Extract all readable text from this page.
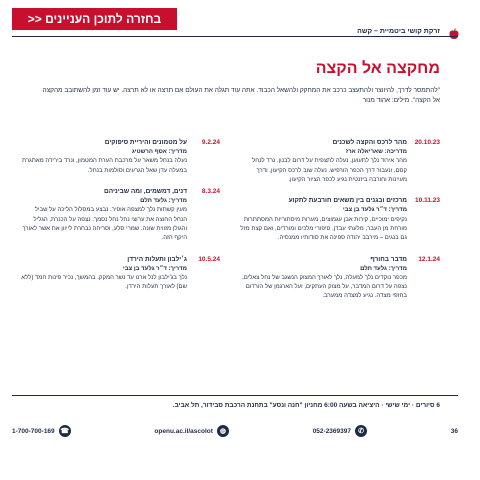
בחזרה לתוכן העניינים <<
זרקת קושי ביטמיית – קשה
מחקצה אל הקצה
"להתמסר לדרך, להיווצר ולהתעצב כרכב את המחקק ולהשאל הכבוד. אתה עוד תגלה את העולם אם תרצה או לא תרצה. יש עוד זמן להשתובב מהקצה אל הקצה". מילים: אהוד מנור
20.10.23
מהר לרכס והקצה לשכנים
מדריכה: שאריאלה ארז
מהר אירוד נלך לתעוען, נעלה לתצפית על דרום לבנון. נרד לנחל קסם, ונעבור דרך הכפר הורפיש. נעלה שוב לרכס הקיעון, ודרך מעיינות וחורבה ביזנטית נגיע לכפר הציור הקיעון.
10.11.23
מרכזים ובגנים בין משאים חורבעת לתקוע
מדריך: ד״ר גלעד בן צבי
נקיפים ימוכיים, קירות אבן עגמוצים, מערות מיסתוריות המסתתרות מורחת מן העבר, מלעתי עבדן, סיפורי מלכים ומורדים, ואם קצת מזל גם בנגים – מירבב יהודה ספינה את סודותיו ממנסיה.
12.1.24
מדבר בחורף
מדריך: גלעד תלם
מכפר נוקדים נלך למעלה, נלך לאורך המצוק הנשגב של נחל צאלים, נצפה על דרום המדבר, על מצוק העתקים, ועל הארגמן של הורדום בחזפי מצדה. נגיע למצדה ממערב.
9.2.24
על מטמונים והיריית סיפוקים
מדריך: אסף הרשטיג
נעלה בנחל משאר על מרכבת הערת המטמון, ונרד בירידה מאתגרת במעלה עדן שאל הגרעים וסולמות בנחל.
8.3.24
דנים, דמשמים, ומה שביניהם
מדריך: גלעד תלם
מעין קשתות נלך למצפה אופיר. נבצע במסלול הליכה על שביל הנחל החוצה את ערוצי נחל נחל נסמך. נצפה על הכנרת, הגליל והגולן מזווית שונה. שמרי סלע, וסריחה נבחרת לייוון את אשר לאורך היקף הזה.
10.5.24
ג׳ילבון ותעלות הירדן
מדריך: ד״ר גלעד בן צבי
נלך בג'ילבון לנל ארנו עד נשר המקק. בהמשך, נכיר פינות חמד (ללא שם) לאורך תעלות הירדן.
6 סיורים · ימי שישי · היציאה בשעה 6:00 מחניון "חנה ונסע" בתחנת הרכבת סבידור, תל אביב.
36
✆
052-2369397
◍
openu.ac.il/ascolot
☎
1-700-700-169
